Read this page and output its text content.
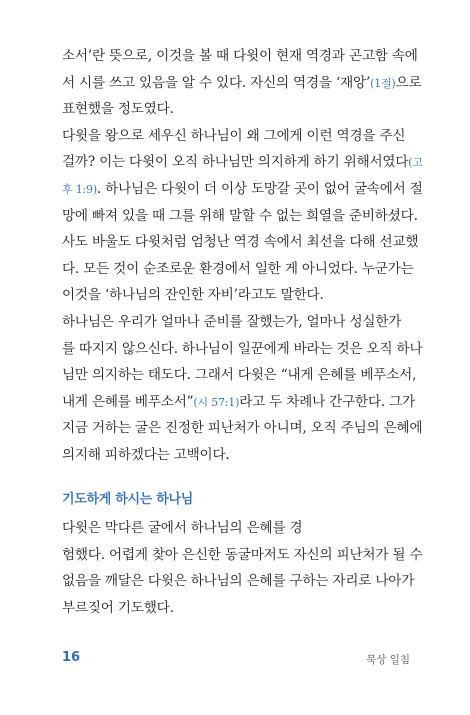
소서’란 뜻으로, 이것을 볼 때 다윗이 현재 역경과 곤고함 속에
서 시를 쓰고 있음을 알 수 있다. 자신의 역경을 ‘재앙’(1절)으로
표현했을 정도였다.
다윗을 왕으로 세우신 하나님이 왜 그에게 이런 역경을 주신
걸까? 이는 다윗이 오직 하나님만 의지하게 하기 위해서였다(고
후 1:9). 하나님은 다윗이 더 이상 도망갈 곳이 없어 굴속에서 절
망에 빠져 있을 때 그를 위해 말할 수 없는 희열을 준비하셨다.
사도 바울도 다윗처럼 엄청난 역경 속에서 최선을 다해 선교했
다. 모든 것이 순조로운 환경에서 일한 게 아니었다. 누군가는
이것을 ‘하나님의 잔인한 자비’라고도 말한다.
하나님은 우리가 얼마나 준비를 잘했는가, 얼마나 성실한가
를 따지지 않으신다. 하나님이 일꾼에게 바라는 것은 오직 하나
님만 의지하는 태도다. 그래서 다윗은 “내게 은혜를 베푸소서,
내게 은혜를 베푸소서”(시 57:1)라고 두 차례나 간구한다. 그가
지금 거하는 굴은 진정한 피난처가 아니며, 오직 주님의 은혜에
의지해 피하겠다는 고백이다.
기도하게 하시는 하나님
다윗은 막다른 굴에서 하나님의 은혜를 경
험했다. 어렵게 찾아 은신한 동굴마저도 자신의 피난처가 될 수
없음을 깨달은 다윗은 하나님의 은혜를 구하는 자리로 나아가
부르짖어 기도했다.
16	묵상 일침
